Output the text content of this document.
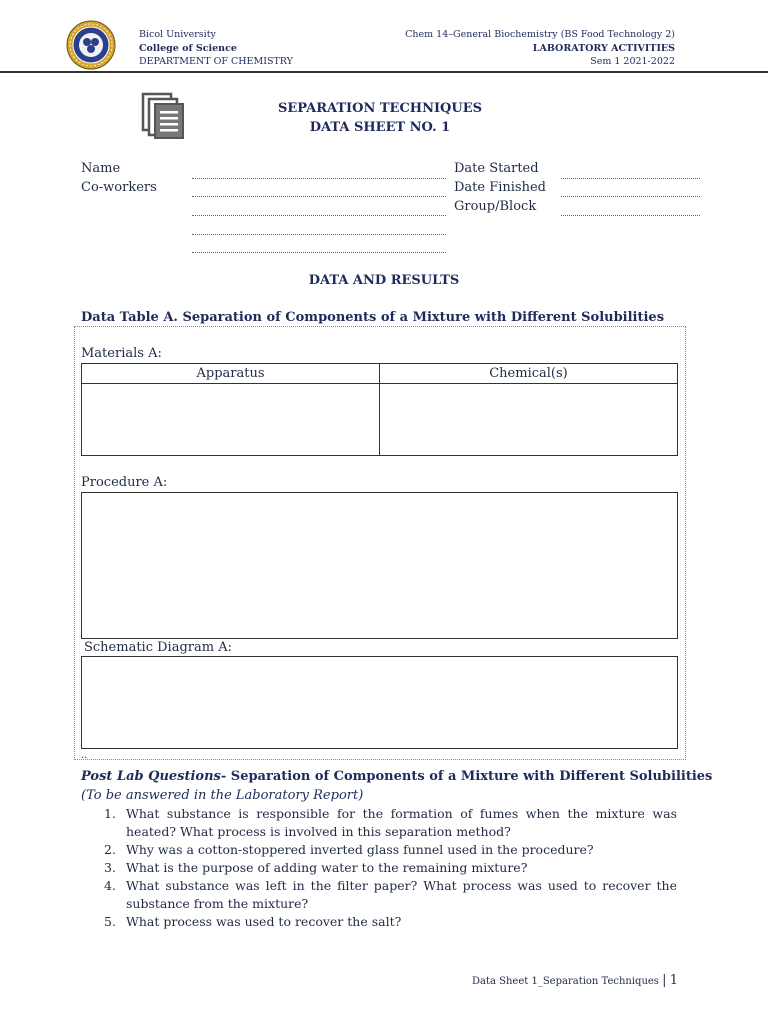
Bicol University
College of Science
DEPARTMENT OF CHEMISTRY
Chem 14–General Biochemistry (BS Food Technology 2)
LABORATORY ACTIVITIES
Sem 1 2021-2022
SEPARATION TECHNIQUES
DATA SHEET NO. 1
Name
Co-workers
Date Started
Date Finished
Group/Block
DATA AND RESULTS
Data Table A. Separation of Components of a Mixture with Different Solubilities
Materials A:
Apparatus	Chemical(s)
Procedure A:
Schematic Diagram A:
..
Post Lab Questions- Separation of Components of a Mixture with Different Solubilities
(To be answered in the Laboratory Report)
1. What substance is responsible for the formation of fumes when the mixture was heated? What process is involved in this separation method?
2. Why was a cotton-stoppered inverted glass funnel used in the procedure?
3. What is the purpose of adding water to the remaining mixture?
4. What substance was left in the filter paper? What process was used to recover the substance from the mixture?
5. What process was used to recover the salt?
Data Sheet 1_Separation Techniques | 1
